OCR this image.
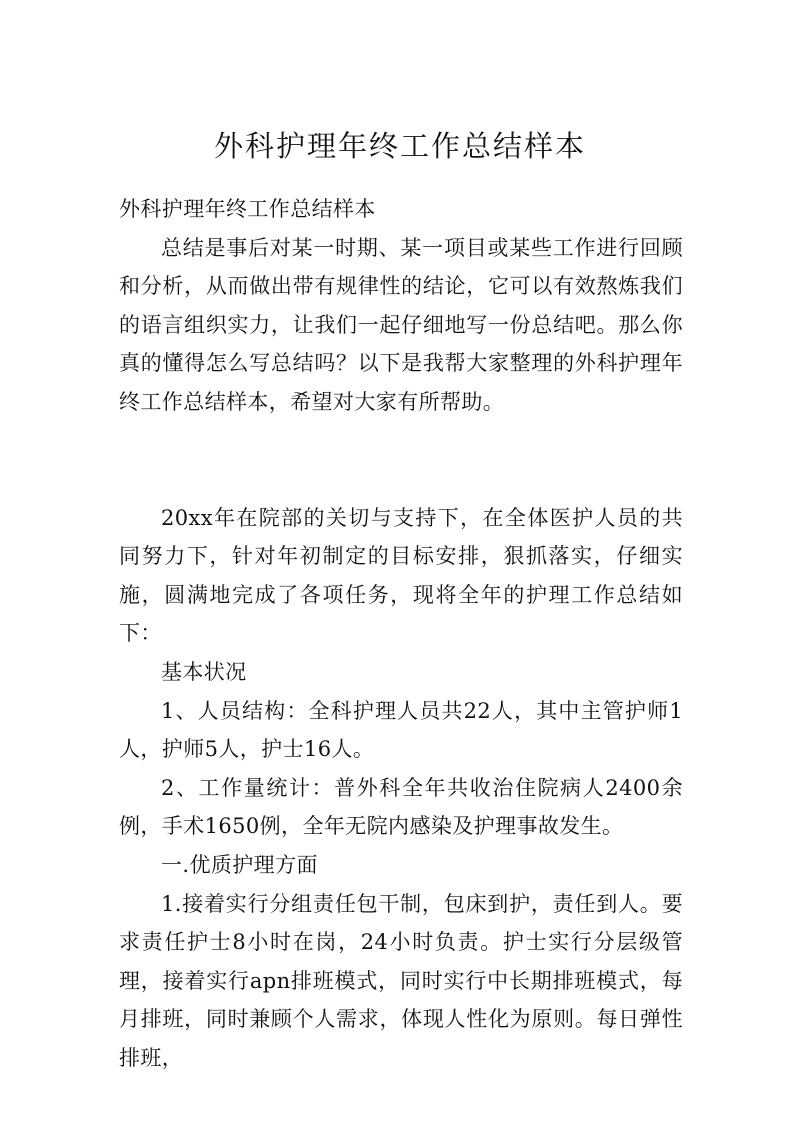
外科护理年终工作总结样本

外科护理年终工作总结样本

总结是事后对某一时期、某一项目或某些工作进行回顾和分析，从而做出带有规律性的结论，它可以有效熬炼我们的语言组织实力，让我们一起仔细地写一份总结吧。那么你真的懂得怎么写总结吗？以下是我帮大家整理的外科护理年终工作总结样本，希望对大家有所帮助。

20xx年在院部的关切与支持下，在全体医护人员的共同努力下，针对年初制定的目标安排，狠抓落实，仔细实施，圆满地完成了各项任务，现将全年的护理工作总结如下：

基本状况

1、人员结构：全科护理人员共22人，其中主管护师1人，护师5人，护士16人。

2、工作量统计：普外科全年共收治住院病人2400余例，手术1650例，全年无院内感染及护理事故发生。

一.优质护理方面

1.接着实行分组责任包干制，包床到护，责任到人。要求责任护士8小时在岗，24小时负责。护士实行分层级管理，接着实行apn排班模式，同时实行中长期排班模式，每月排班，同时兼顾个人需求，体现人性化为原则。每日弹性排班，
